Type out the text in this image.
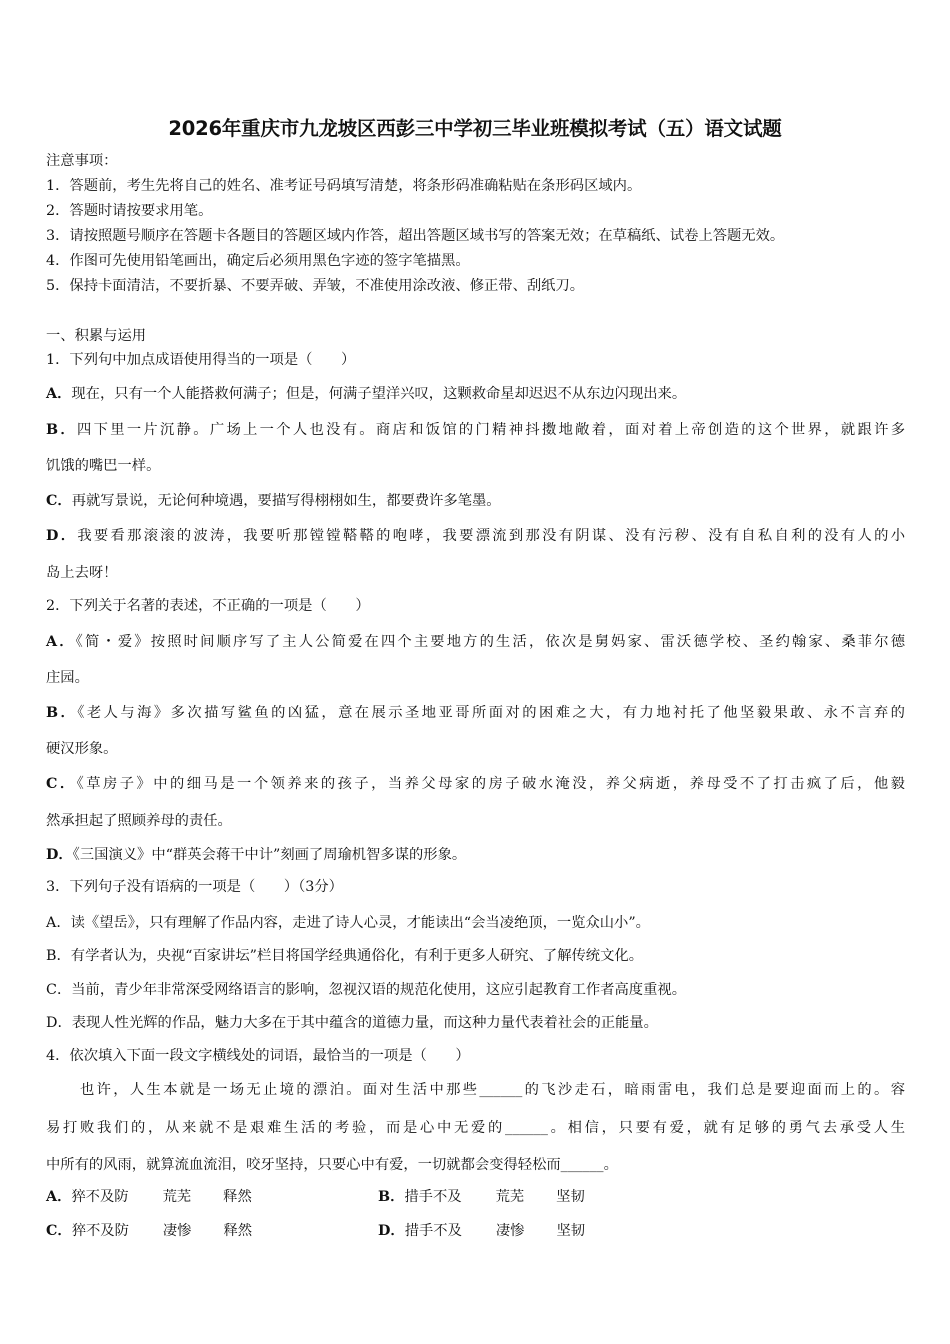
2026年重庆市九龙坡区西彭三中学初三毕业班模拟考试（五）语文试题
注意事项：
1．答题前，考生先将自己的姓名、准考证号码填写清楚，将条形码准确粘贴在条形码区域内。
2．答题时请按要求用笔。
3．请按照题号顺序在答题卡各题目的答题区域内作答，超出答题区域书写的答案无效；在草稿纸、试卷上答题无效。
4．作图可先使用铅笔画出，确定后必须用黑色字迹的签字笔描黑。
5．保持卡面清洁，不要折暴、不要弄破、弄皱，不准使用涂改液、修正带、刮纸刀。
一、积累与运用
1．下列句中加点成语使用得当的一项是（　　）
A．现在，只有一个人能搭救何满子；但是，何满子望洋兴叹，这颗救命星却迟迟不从东边闪现出来。
B．四下里一片沉静。广场上一个人也没有。商店和饭馆的门精神抖擞地敞着，面对着上帝创造的这个世界，就跟许多
饥饿的嘴巴一样。
C．再就写景说，无论何种境遇，要描写得栩栩如生，都要费许多笔墨。
D．我要看那滚滚的波涛，我要听那镗镗鞳鞳的咆哮，我要漂流到那没有阴谋、没有污秽、没有自私自利的没有人的小
岛上去呀！
2．下列关于名著的表述，不正确的一项是（　　）
A．《简・爱》按照时间顺序写了主人公简爱在四个主要地方的生活，依次是舅妈家、雷沃德学校、圣约翰家、桑菲尔德
庄园。
B．《老人与海》多次描写鲨鱼的凶猛，意在展示圣地亚哥所面对的困难之大，有力地衬托了他坚毅果敢、永不言弃的
硬汉形象。
C．《草房子》中的细马是一个领养来的孩子，当养父母家的房子破水淹没，养父病逝，养母受不了打击疯了后，他毅
然承担起了照顾养母的责任。
D．《三国演义》中“群英会蒋干中计”刻画了周瑜机智多谋的形象。
3．下列句子没有语病的一项是（　　）（3分）
A．读《望岳》，只有理解了作品内容，走进了诗人心灵，才能读出“会当凌绝顶，一览众山小”。
B．有学者认为，央视“百家讲坛”栏目将国学经典通俗化，有利于更多人研究、了解传统文化。
C．当前，青少年非常深受网络语言的影响，忽视汉语的规范化使用，这应引起教育工作者高度重视。
D．表现人性光辉的作品，魅力大多在于其中蕴含的道德力量，而这种力量代表着社会的正能量。
4．依次填入下面一段文字横线处的词语，最恰当的一项是（　　）
也许，人生本就是一场无止境的漂泊。面对生活中那些______的飞沙走石，暗雨雷电，我们总是要迎面而上的。容
易打败我们的，从来就不是艰难生活的考验，而是心中无爱的______。相信，只要有爱，就有足够的勇气去承受人生
中所有的风雨，就算流血流泪，咬牙坚持，只要心中有爱，一切就都会变得轻松而______。
A．猝不及防 荒芜 释然	B．措手不及 荒芜 坚韧
C．猝不及防 凄惨 释然	D．措手不及 凄惨 坚韧
